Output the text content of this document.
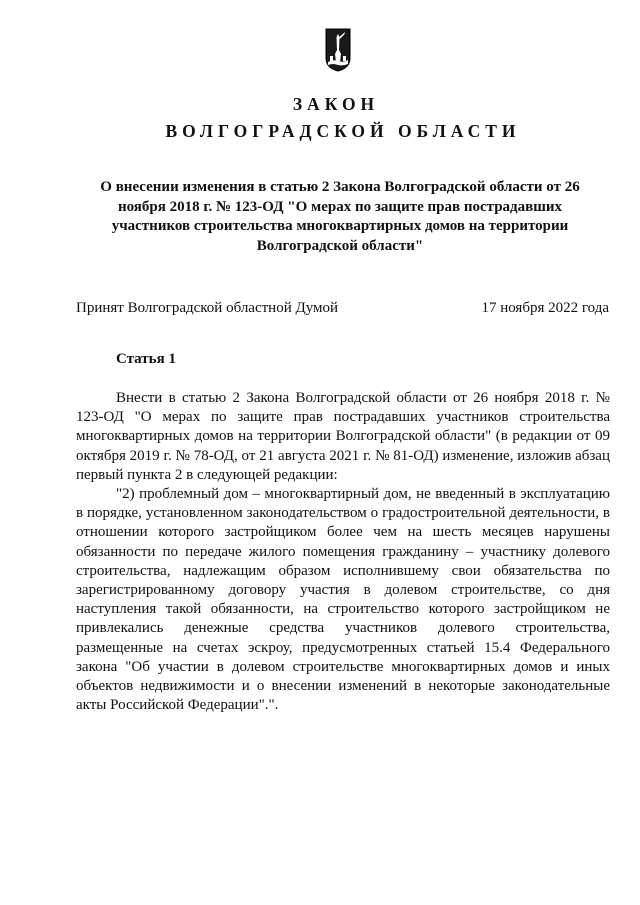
ЗАКОН
ВОЛГОГРАДСКОЙ ОБЛАСТИ
О внесении изменения в статью 2 Закона Волгоградской области от 26 ноября 2018 г. № 123-ОД "О мерах по защите прав пострадавших участников строительства многоквартирных домов на территории Волгоградской области"
Принят Волгоградской областной Думой	17 ноября 2022 года
Статья 1

Внести в статью 2 Закона Волгоградской области от 26 ноября 2018 г. № 123-ОД "О мерах по защите прав пострадавших участников строительства многоквартирных домов на территории Волгоградской области" (в редакции от 09 октября 2019 г. № 78-ОД, от 21 августа 2021 г. № 81-ОД) изменение, изложив абзац первый пункта 2 в следующей редакции:

"2) проблемный дом – многоквартирный дом, не введенный в эксплуатацию в порядке, установленном законодательством о градостроительной деятельности, в отношении которого застройщиком более чем на шесть месяцев нарушены обязанности по передаче жилого помещения гражданину – участнику долевого строительства, надлежащим образом исполнившему свои обязательства по зарегистрированному договору участия в долевом строительстве, со дня наступления такой обязанности, на строительство которого застройщиком не привлекались денежные средства участников долевого строительства, размещенные на счетах эскроу, предусмотренных статьей 15.4 Федерального закона "Об участии в долевом строительстве многоквартирных домов и иных объектов недвижимости и о внесении изменений в некоторые законодательные акты Российской Федерации".".
